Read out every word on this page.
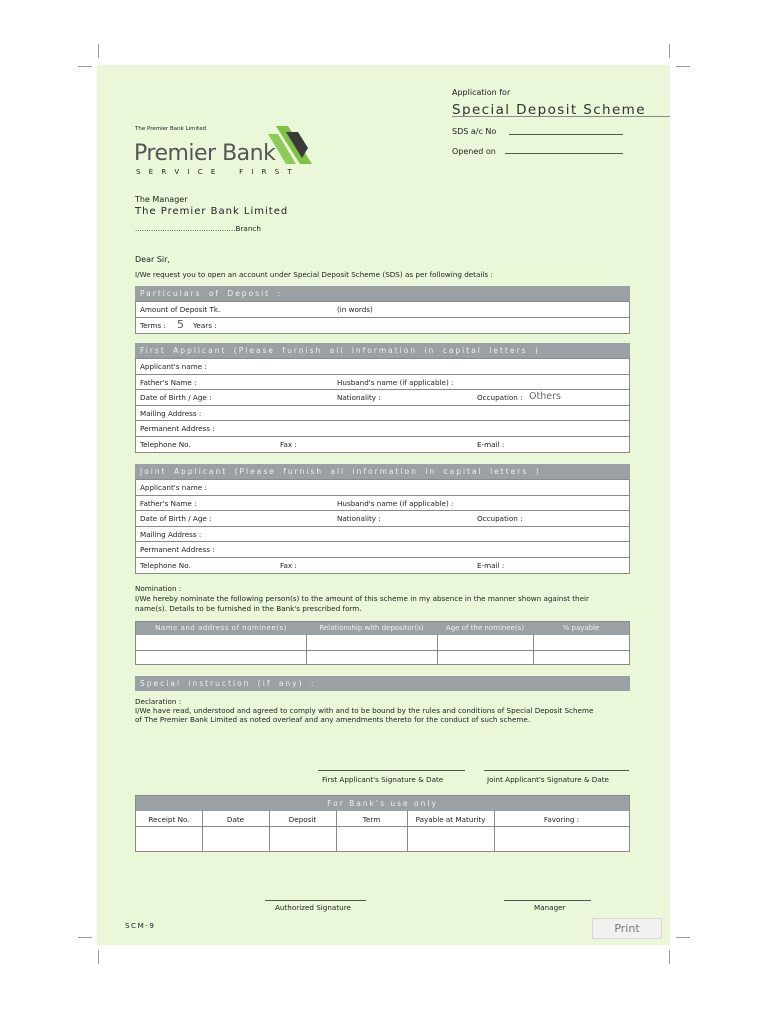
Application for
Special Deposit Scheme
SDS a/c No
Opened on
The Premier Bank Limited
Premier Bank
S E R V I C E    F I R S T
The Manager
The Premier Bank Limited
............................................Branch
Dear Sir,
I/We request you to open an account under Special Deposit Scheme (SDS) as per following details :
Particulars of Deposit :
Amount of Deposit Tk.	(in words)
Terms : 5 Years :
First Applicant (Please furnish all information in capital letters )
Applicant's name :
Father's Name :	Husband's name (if applicable) :
Date of Birth / Age :	Nationality :	Occupation : Others
Mailing Address :
Permanent Address :
Telephone No.	Fax :	E-mail :
Joint Applicant (Please furnish all information in capital letters )
Applicant's name :
Father's Name :	Husband's name (if applicable) :
Date of Birth / Age :	Nationality :	Occupation :
Mailing Address :
Permanent Address :
Telephone No.	Fax :	E-mail :
Nomination :
I/We hereby nominate the following person(s) to the amount of this scheme in my absence in the manner shown against their
name(s). Details to be furnished in the Bank's prescribed form.
Name and address of nominee(s)	Relationship with depositor(s)	Age of the nominee(s)	% payable
Special instruction (if any) :
Declaration :
I/We have read, understood and agreed to comply with and to be bound by the rules and conditions of Special Deposit Scheme
of The Premier Bank Limited as noted overleaf and any amendments thereto for the conduct of such scheme.
First Applicant's Signature & Date	Joint Applicant's Signature & Date
For Bank's use only
Receipt No.	Date	Deposit	Term	Payable at Maturity	Favoring :
Authorized Signature	Manager
SCM-9	Print
